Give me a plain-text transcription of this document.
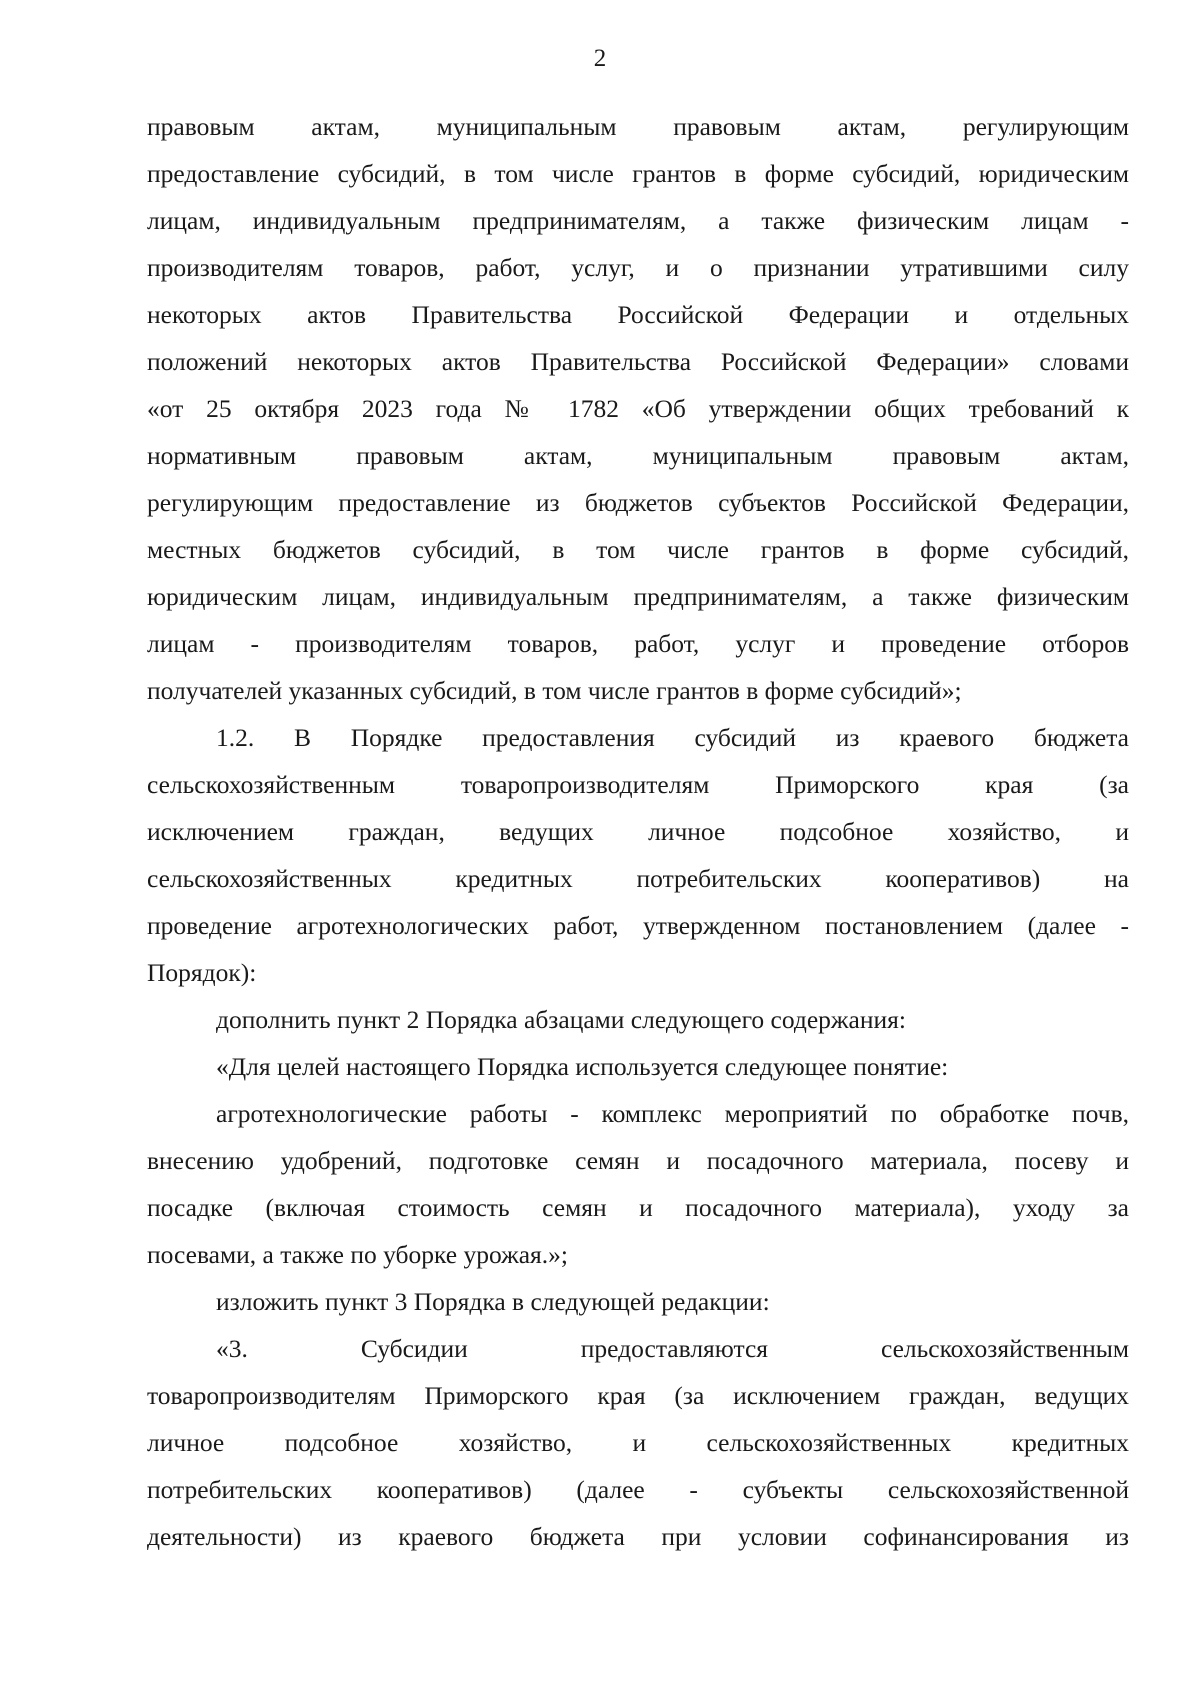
2
правовым актам, муниципальным правовым актам, регулирующим
предоставление субсидий, в том числе грантов в форме субсидий, юридическим
лицам, индивидуальным предпринимателям, а также физическим лицам -
производителям товаров, работ, услуг, и о признании утратившими силу
некоторых актов Правительства Российской Федерации и отдельных
положений некоторых актов Правительства Российской Федерации» словами
«от 25 октября 2023 года № 1782 «Об утверждении общих требований к
нормативным правовым актам, муниципальным правовым актам,
регулирующим предоставление из бюджетов субъектов Российской Федерации,
местных бюджетов субсидий, в том числе грантов в форме субсидий,
юридическим лицам, индивидуальным предпринимателям, а также физическим
лицам - производителям товаров, работ, услуг и проведение отборов
получателей указанных субсидий, в том числе грантов в форме субсидий»;
1.2. В Порядке предоставления субсидий из краевого бюджета
сельскохозяйственным товаропроизводителям Приморского края (за
исключением граждан, ведущих личное подсобное хозяйство, и
сельскохозяйственных кредитных потребительских кооперативов) на
проведение агротехнологических работ, утвержденном постановлением (далее -
Порядок):
дополнить пункт 2 Порядка абзацами следующего содержания:
«Для целей настоящего Порядка используется следующее понятие:
агротехнологические работы - комплекс мероприятий по обработке почв,
внесению удобрений, подготовке семян и посадочного материала, посеву и
посадке (включая стоимость семян и посадочного материала), уходу за
посевами, а также по уборке урожая.»;
изложить пункт 3 Порядка в следующей редакции:
«3. Субсидии предоставляются сельскохозяйственным
товаропроизводителям Приморского края (за исключением граждан, ведущих
личное подсобное хозяйство, и сельскохозяйственных кредитных
потребительских кооперативов) (далее - субъекты сельскохозяйственной
деятельности) из краевого бюджета при условии софинансирования из
